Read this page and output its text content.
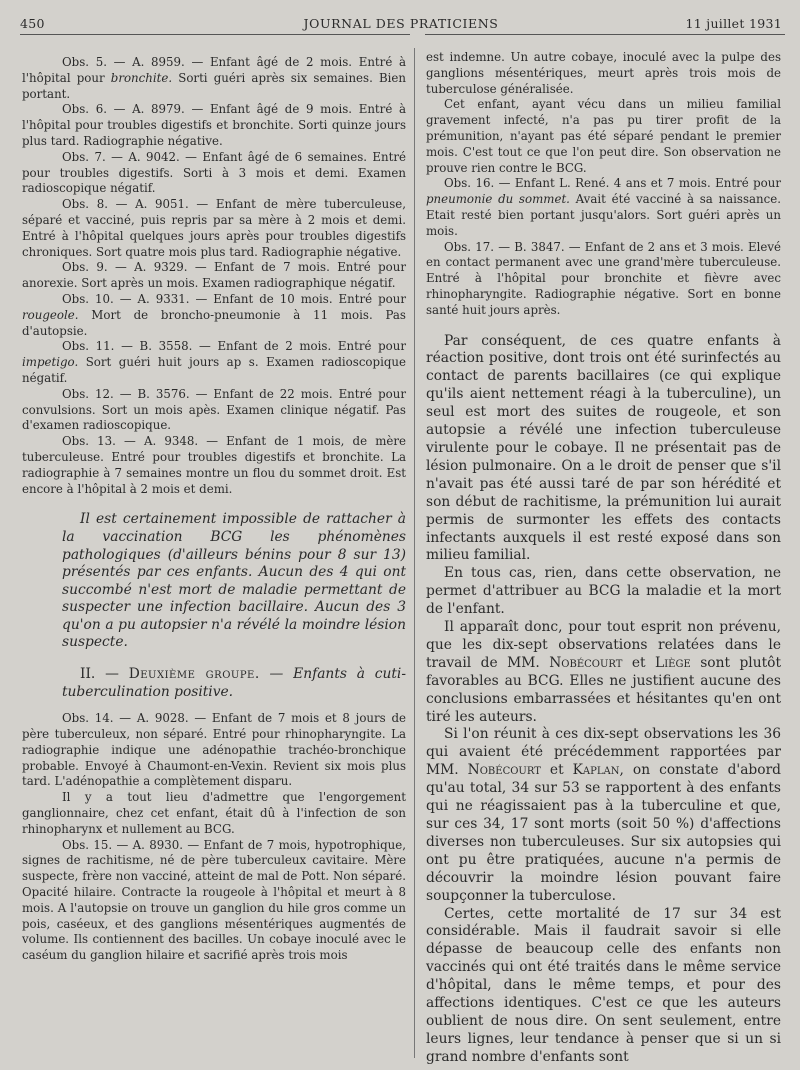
450	JOURNAL DES PRATICIENS	11 juillet 1931

Obs. 5. — A. 8959. — Enfant âgé de 2 mois. Entré à l'hôpital pour bronchite. Sorti guéri après six semaines. Bien portant.

Obs. 6. — A. 8979. — Enfant âgé de 9 mois. Entré à l'hôpital pour troubles digestifs et bronchite. Sorti quinze jours plus tard. Radiographie négative.

Obs. 7. — A. 9042. — Enfant âgé de 6 semaines. Entré pour troubles digestifs. Sorti à 3 mois et demi. Examen radioscopique négatif.

Obs. 8. — A. 9051. — Enfant de mère tuberculeuse, séparé et vacciné, puis repris par sa mère à 2 mois et demi. Entré à l'hôpital quelques jours après pour troubles digestifs chroniques. Sort quatre mois plus tard. Radiographie négative.

Obs. 9. — A. 9329. — Enfant de 7 mois. Entré pour anorexie. Sort après un mois. Examen radiographique négatif.

Obs. 10. — A. 9331. — Enfant de 10 mois. Entré pour rougeole. Mort de broncho-pneumonie à 11 mois. Pas d'autopsie.

Obs. 11. — B. 3558. — Enfant de 2 mois. Entré pour impetigo. Sort guéri huit jours ap s. Examen radioscopique négatif.

Obs. 12. — B. 3576. — Enfant de 22 mois. Entré pour convulsions. Sort un mois apès. Examen clinique négatif. Pas d'examen radioscopique.

Obs. 13. — A. 9348. — Enfant de 1 mois, de mère tuberculeuse. Entré pour troubles digestifs et bronchite. La radiographie à 7 semaines montre un flou du sommet droit. Est encore à l'hôpital à 2 mois et demi.

Il est certainement impossible de rattacher à la vaccination BCG les phénomènes pathologiques (d'ailleurs bénins pour 8 sur 13) présentés par ces enfants. Aucun des 4 qui ont succombé n'est mort de maladie permettant de suspecter une infection bacillaire. Aucun des 3 qu'on a pu autopsier n'a révélé la moindre lésion suspecte.

II. — Deuxième groupe. — Enfants à cuti-tuberculination positive.

Obs. 14. — A. 9028. — Enfant de 7 mois et 8 jours de père tuberculeux, non séparé. Entré pour rhinopharyngite. La radiographie indique une adénopathie trachéo-bronchique probable. Envoyé à Chaumont-en-Vexin. Revient six mois plus tard. L'adénopathie a complètement disparu.

Il y a tout lieu d'admettre que l'engorgement ganglionnaire, chez cet enfant, était dû à l'infection de son rhinopharynx et nullement au BCG.

Obs. 15. — A. 8930. — Enfant de 7 mois, hypotrophique, signes de rachitisme, né de père tuberculeux cavitaire. Mère suspecte, frère non vacciné, atteint de mal de Pott. Non séparé. Opacité hilaire. Contracte la rougeole à l'hôpital et meurt à 8 mois. A l'autopsie on trouve un ganglion du hile gros comme un pois, caséeux, et des ganglions mésentériques augmentés de volume. Ils contiennent des bacilles. Un cobaye inoculé avec le caséum du ganglion hilaire et sacrifié après trois mois

est indemne. Un autre cobaye, inoculé avec la pulpe des ganglions mésentériques, meurt après trois mois de tuberculose généralisée.

Cet enfant, ayant vécu dans un milieu familial gravement infecté, n'a pas pu tirer profit de la prémunition, n'ayant pas été séparé pendant le premier mois. C'est tout ce que l'on peut dire. Son observation ne prouve rien contre le BCG.

Obs. 16. — Enfant L. René. 4 ans et 7 mois. Entré pour pneumonie du sommet. Avait été vacciné à sa naissance. Etait resté bien portant jusqu'alors. Sort guéri après un mois.

Obs. 17. — B. 3847. — Enfant de 2 ans et 3 mois. Elevé en contact permanent avec une grand'mère tuberculeuse. Entré à l'hôpital pour bronchite et fièvre avec rhinopharyngite. Radiographie négative. Sort en bonne santé huit jours après.

Par conséquent, de ces quatre enfants à réaction positive, dont trois ont été surinfectés au contact de parents bacillaires (ce qui explique qu'ils aient nettement réagi à la tuberculine), un seul est mort des suites de rougeole, et son autopsie a révélé une infection tuberculeuse virulente pour le cobaye. Il ne présentait pas de lésion pulmonaire. On a le droit de penser que s'il n'avait pas été aussi taré de par son hérédité et son début de rachitisme, la prémunition lui aurait permis de surmonter les effets des contacts infectants auxquels il est resté exposé dans son milieu familial.

En tous cas, rien, dans cette observation, ne permet d'attribuer au BCG la maladie et la mort de l'enfant.

Il apparaît donc, pour tout esprit non prévenu, que les dix-sept observations relatées dans le travail de MM. Nobécourt et Liège sont plutôt favorables au BCG. Elles ne justifient aucune des conclusions embarrassées et hésitantes qu'en ont tiré les auteurs.

Si l'on réunit à ces dix-sept observations les 36 qui avaient été précédemment rapportées par MM. Nobécourt et Kaplan, on constate d'abord qu'au total, 34 sur 53 se rapportent à des enfants qui ne réagissaient pas à la tuberculine et que, sur ces 34, 17 sont morts (soit 50 %) d'affections diverses non tuberculeuses. Sur six autopsies qui ont pu être pratiquées, aucune n'a permis de découvrir la moindre lésion pouvant faire soupçonner la tuberculose.

Certes, cette mortalité de 17 sur 34 est considérable. Mais il faudrait savoir si elle dépasse de beaucoup celle des enfants non vaccinés qui ont été traités dans le même service d'hôpital, dans le même temps, et pour des affections identiques. C'est ce que les auteurs oublient de nous dire. On sent seulement, entre leurs lignes, leur tendance à penser que si un si grand nombre d'enfants sont
